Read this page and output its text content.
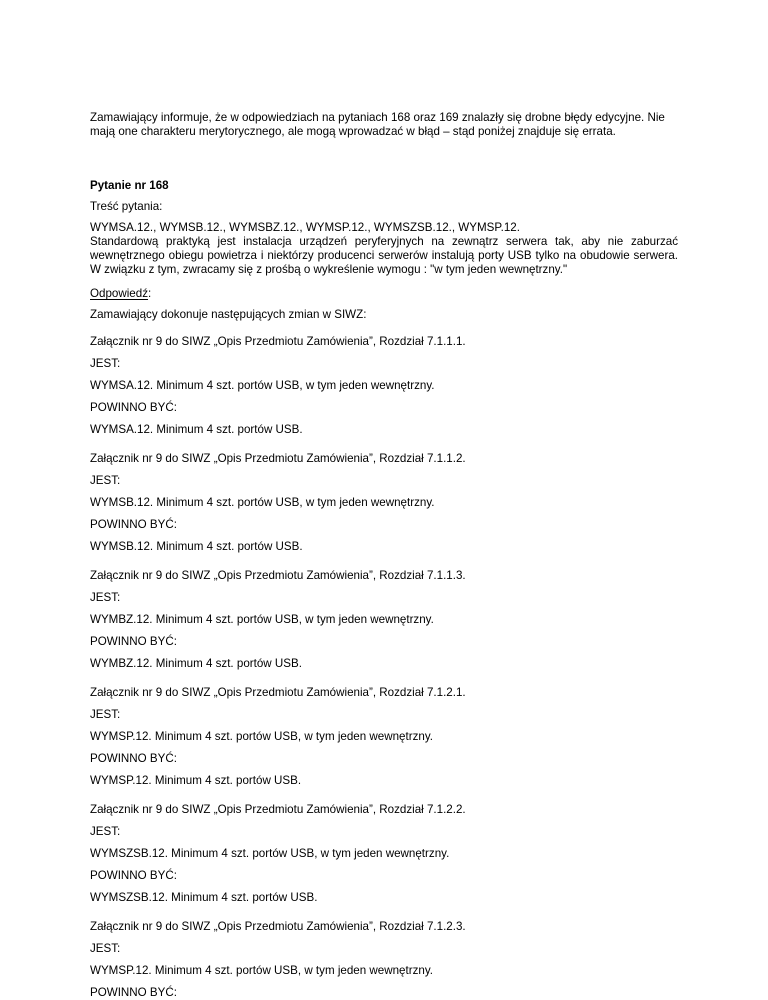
Zamawiający informuje, że w odpowiedziach na pytaniach 168 oraz 169 znalazły się drobne błędy edycyjne. Nie mają one charakteru merytorycznego, ale mogą wprowadzać w błąd – stąd poniżej znajduje się errata.

Pytanie nr 168
Treść pytania:
WYMSA.12., WYMSB.12., WYMSBZ.12., WYMSP.12., WYMSZSB.12., WYMSP.12.
Standardową praktyką jest instalacja urządzeń peryferyjnych na zewnątrz serwera tak, aby nie zaburzać wewnętrznego obiegu powietrza i niektórzy producenci serwerów instalują porty USB tylko na obudowie serwera. W związku z tym, zwracamy się z prośbą o wykreślenie wymogu : "w tym jeden wewnętrzny."
Odpowiedź:
Zamawiający dokonuje następujących zmian w SIWZ:

Załącznik nr 9 do SIWZ „Opis Przedmiotu Zamówienia”, Rozdział 7.1.1.1.

JEST:

WYMSA.12. Minimum 4 szt. portów USB, w tym jeden wewnętrzny.

POWINNO BYĆ:

WYMSA.12. Minimum 4 szt. portów USB.

Załącznik nr 9 do SIWZ „Opis Przedmiotu Zamówienia”, Rozdział 7.1.1.2.

JEST:

WYMSB.12. Minimum 4 szt. portów USB, w tym jeden wewnętrzny.

POWINNO BYĆ:

WYMSB.12. Minimum 4 szt. portów USB.

Załącznik nr 9 do SIWZ „Opis Przedmiotu Zamówienia”, Rozdział 7.1.1.3.

JEST:

WYMBZ.12. Minimum 4 szt. portów USB, w tym jeden wewnętrzny.

POWINNO BYĆ:

WYMBZ.12. Minimum 4 szt. portów USB.

Załącznik nr 9 do SIWZ „Opis Przedmiotu Zamówienia”, Rozdział 7.1.2.1.

JEST:

WYMSP.12. Minimum 4 szt. portów USB, w tym jeden wewnętrzny.

POWINNO BYĆ:

WYMSP.12. Minimum 4 szt. portów USB.

Załącznik nr 9 do SIWZ „Opis Przedmiotu Zamówienia”, Rozdział 7.1.2.2.

JEST:

WYMSZSB.12. Minimum 4 szt. portów USB, w tym jeden wewnętrzny.

POWINNO BYĆ:

WYMSZSB.12. Minimum 4 szt. portów USB.

Załącznik nr 9 do SIWZ „Opis Przedmiotu Zamówienia”, Rozdział 7.1.2.3.

JEST:

WYMSP.12. Minimum 4 szt. portów USB, w tym jeden wewnętrzny.

POWINNO BYĆ:
